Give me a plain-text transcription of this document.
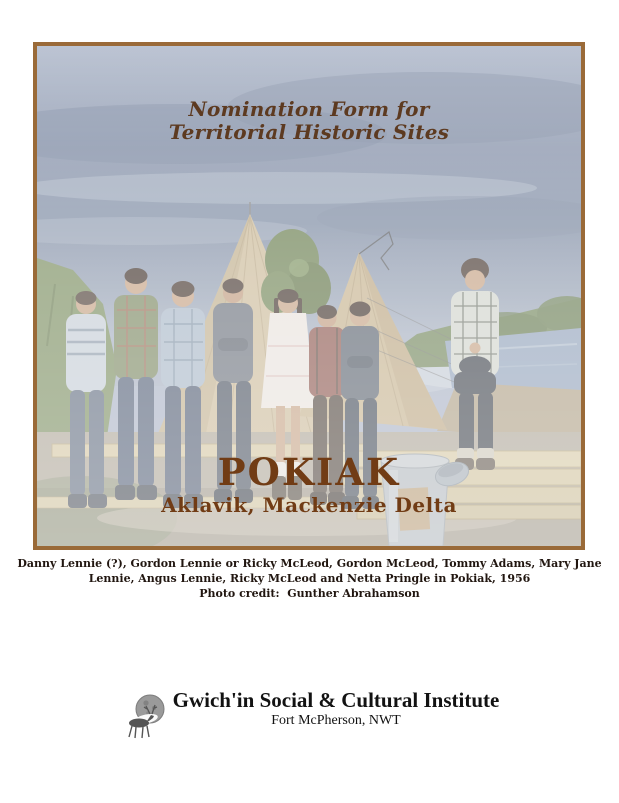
Nomination Form for
Territorial Historic Sites
POKIAK
Aklavik, Mackenzie Delta
Danny Lennie (?), Gordon Lennie or Ricky McLeod, Gordon McLeod, Tommy Adams, Mary Jane
Lennie, Angus Lennie, Ricky McLeod and Netta Pringle in Pokiak, 1956
Photo credit:  Gunther Abrahamson
Gwich'in Social & Cultural Institute
Fort McPherson, NWT
